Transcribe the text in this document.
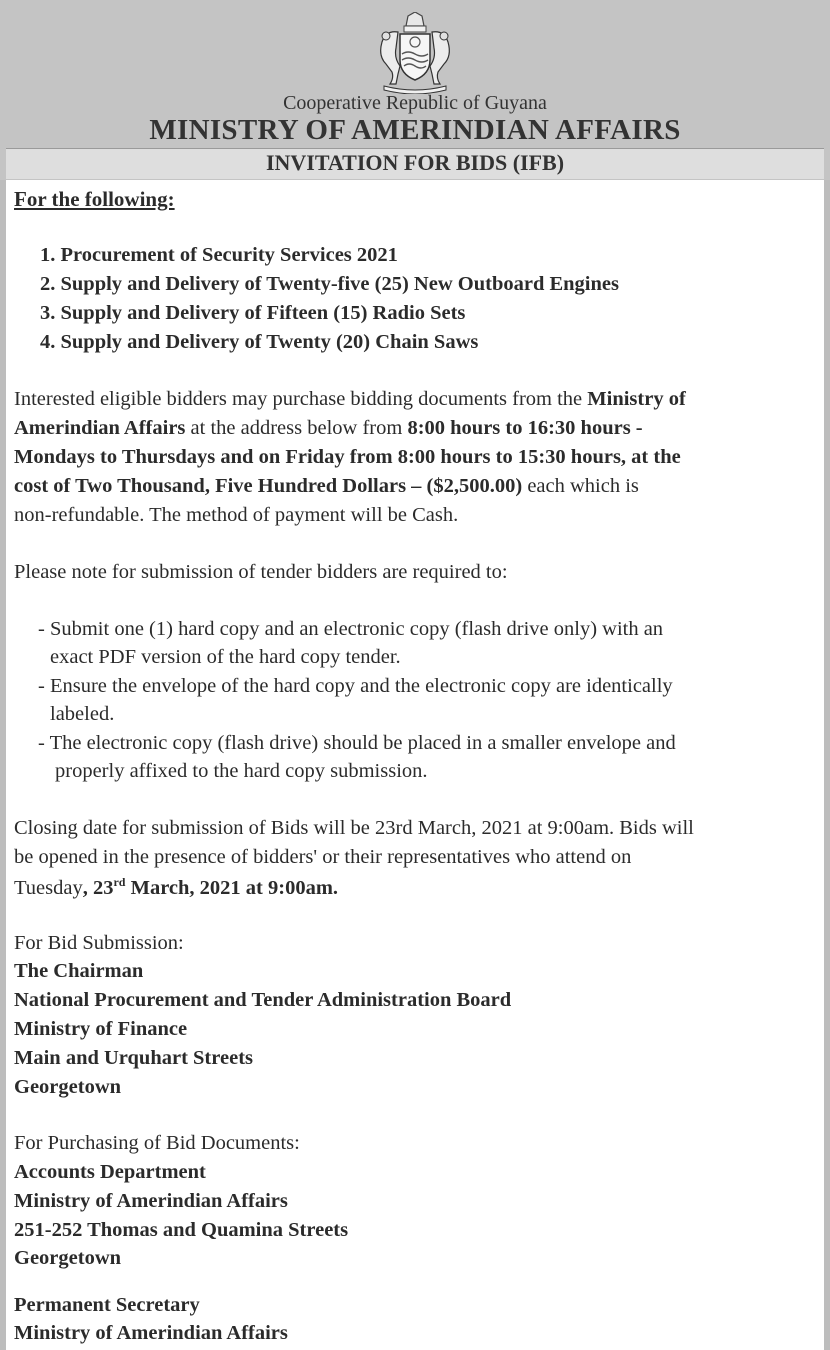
Cooperative Republic of Guyana
MINISTRY OF AMERINDIAN AFFAIRS
INVITATION FOR BIDS (IFB)
For the following:
1. Procurement of Security Services 2021
2. Supply and Delivery of Twenty-five (25) New Outboard Engines
3. Supply and Delivery of Fifteen (15) Radio Sets
4. Supply and Delivery of Twenty (20) Chain Saws
Interested eligible bidders may purchase bidding documents from the Ministry of
Amerindian Affairs at the address below from 8:00 hours to 16:30 hours -
Mondays to Thursdays and on Friday from 8:00 hours to 15:30 hours, at the
cost of Two Thousand, Five Hundred Dollars – ($2,500.00) each which is
non-refundable. The method of payment will be Cash.
Please note for submission of tender bidders are required to:
- Submit one (1) hard copy and an electronic copy (flash drive only) with an
exact PDF version of the hard copy tender.
- Ensure the envelope of the hard copy and the electronic copy are identically
labeled.
- The electronic copy (flash drive) should be placed in a smaller envelope and
properly affixed to the hard copy submission.
Closing date for submission of Bids will be 23rd March, 2021 at 9:00am. Bids will
be opened in the presence of bidders' or their representatives who attend on
Tuesday, 23rd March, 2021 at 9:00am.
For Bid Submission:
The Chairman
National Procurement and Tender Administration Board
Ministry of Finance
Main and Urquhart Streets
Georgetown
For Purchasing of Bid Documents:
Accounts Department
Ministry of Amerindian Affairs
251-252 Thomas and Quamina Streets
Georgetown
Permanent Secretary
Ministry of Amerindian Affairs
